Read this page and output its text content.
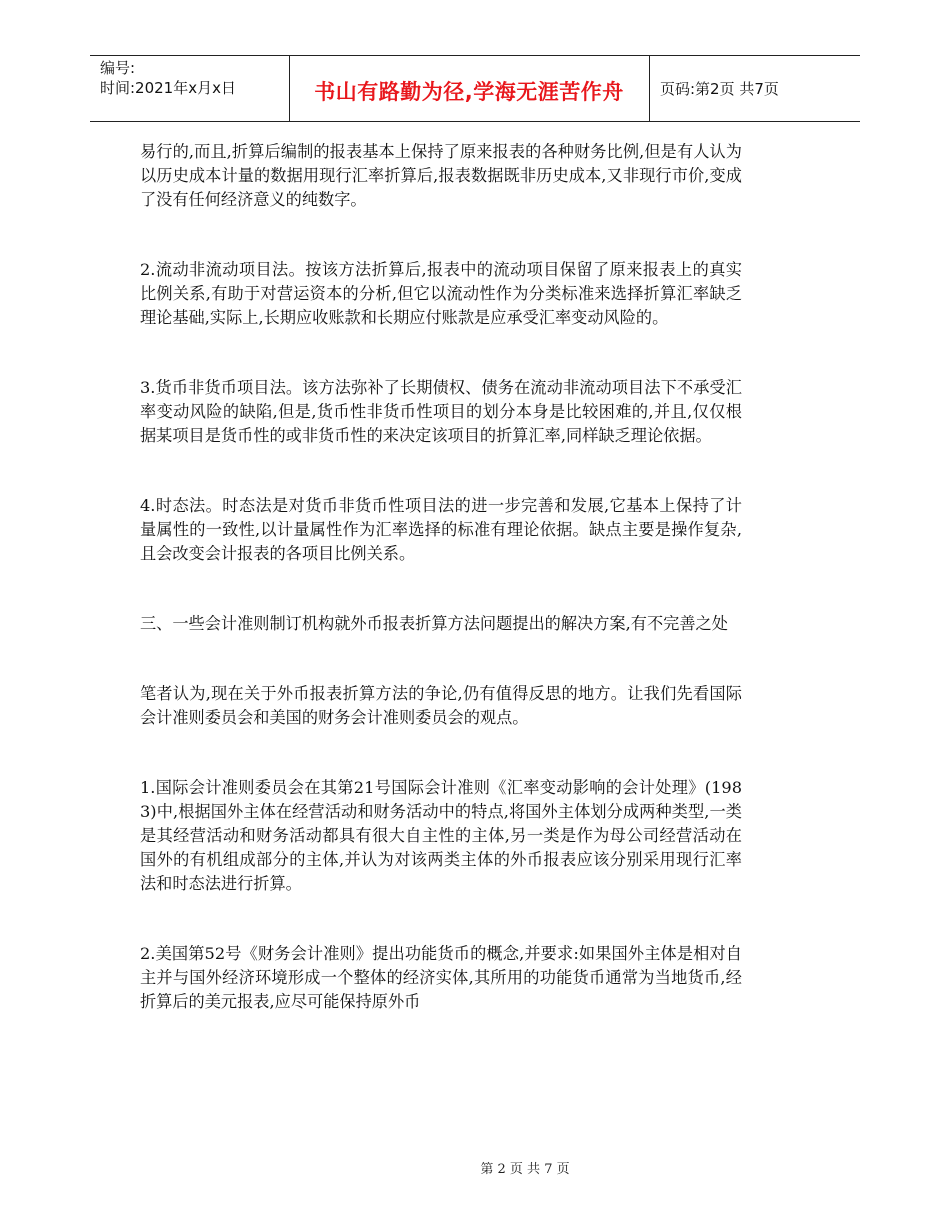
编号:
时间:2021年x月x日	书山有路勤为径,学海无涯苦作舟	页码:第2页 共7页

易行的,而且,折算后编制的报表基本上保持了原来报表的各种财务比例,但是有人认为以历史成本计量的数据用现行汇率折算后,报表数据既非历史成本,又非现行市价,变成了没有任何经济意义的纯数字。

2.流动非流动项目法。按该方法折算后,报表中的流动项目保留了原来报表上的真实比例关系,有助于对营运资本的分析,但它以流动性作为分类标准来选择折算汇率缺乏理论基础,实际上,长期应收账款和长期应付账款是应承受汇率变动风险的。

3.货币非货币项目法。该方法弥补了长期债权、债务在流动非流动项目法下不承受汇率变动风险的缺陷,但是,货币性非货币性项目的划分本身是比较困难的,并且,仅仅根据某项目是货币性的或非货币性的来决定该项目的折算汇率,同样缺乏理论依据。

4.时态法。时态法是对货币非货币性项目法的进一步完善和发展,它基本上保持了计量属性的一致性,以计量属性作为汇率选择的标准有理论依据。缺点主要是操作复杂,且会改变会计报表的各项目比例关系。

三、一些会计准则制订机构就外币报表折算方法问题提出的解决方案,有不完善之处

笔者认为,现在关于外币报表折算方法的争论,仍有值得反思的地方。让我们先看国际会计准则委员会和美国的财务会计准则委员会的观点。

1.国际会计准则委员会在其第21号国际会计准则《汇率变动影响的会计处理》(1983)中,根据国外主体在经营活动和财务活动中的特点,将国外主体划分成两种类型,一类是其经营活动和财务活动都具有很大自主性的主体,另一类是作为母公司经营活动在国外的有机组成部分的主体,并认为对该两类主体的外币报表应该分别采用现行汇率法和时态法进行折算。

2.美国第52号《财务会计准则》提出功能货币的概念,并要求:如果国外主体是相对自主并与国外经济环境形成一个整体的经济实体,其所用的功能货币通常为当地货币,经折算后的美元报表,应尽可能保持原外币

第 2 页 共 7 页
